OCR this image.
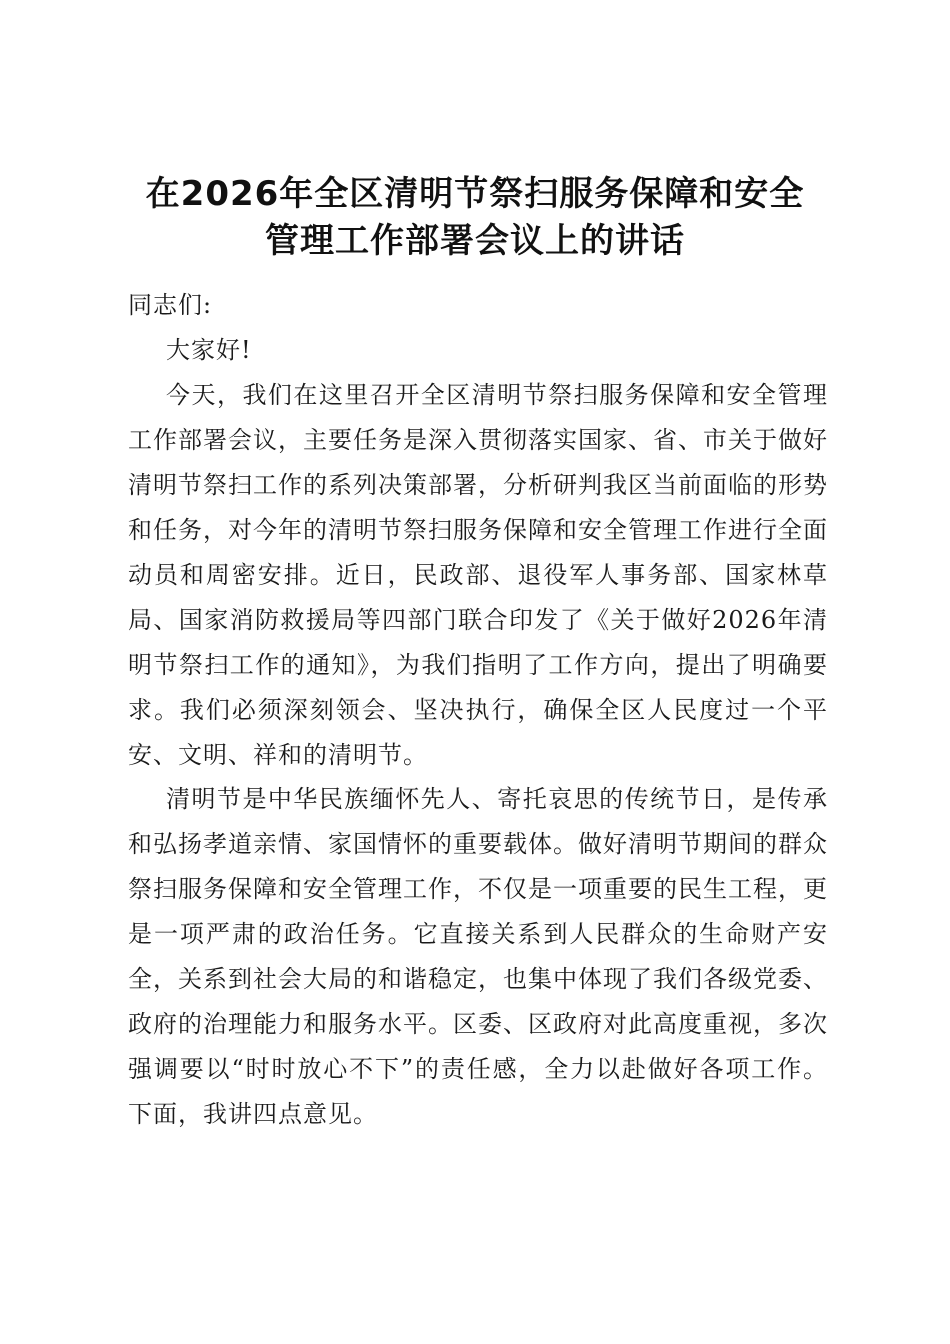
在2026年全区清明节祭扫服务保障和安全
管理工作部署会议上的讲话
同志们:
大家好!
今天，我们在这里召开全区清明节祭扫服务保障和安全管理工作部署会议，主要任务是深入贯彻落实国家、省、市关于做好清明节祭扫工作的系列决策部署，分析研判我区当前面临的形势和任务，对今年的清明节祭扫服务保障和安全管理工作进行全面动员和周密安排。近日，民政部、退役军人事务部、国家林草局、国家消防救援局等四部门联合印发了《关于做好2026年清明节祭扫工作的通知》，为我们指明了工作方向，提出了明确要求。我们必须深刻领会、坚决执行，确保全区人民度过一个平安、文明、祥和的清明节。
清明节是中华民族缅怀先人、寄托哀思的传统节日，是传承和弘扬孝道亲情、家国情怀的重要载体。做好清明节期间的群众祭扫服务保障和安全管理工作，不仅是一项重要的民生工程，更是一项严肃的政治任务。它直接关系到人民群众的生命财产安全，关系到社会大局的和谐稳定，也集中体现了我们各级党委、政府的治理能力和服务水平。区委、区政府对此高度重视，多次强调要以“时时放心不下”的责任感，全力以赴做好各项工作。下面，我讲四点意见。
